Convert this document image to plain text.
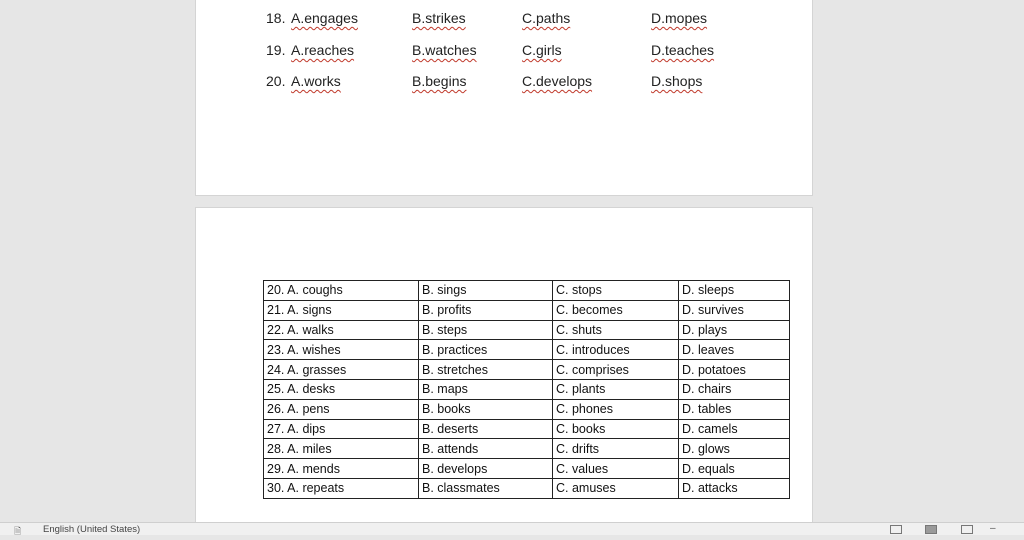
18. A.engages	B.strikes	C.paths	D.mopes
19. A.reaches	B.watches	C.girls	D.teaches
20. A.works	B.begins	C.develops	D.shops
20. A. coughs	B. sings	C. stops	D. sleeps
21. A. signs	B. profits	C. becomes	D. survives
22. A. walks	B. steps	C. shuts	D. plays
23. A. wishes	B. practices	C. introduces	D. leaves
24. A. grasses	B. stretches	C. comprises	D. potatoes
25. A. desks	B. maps	C. plants	D. chairs
26. A. pens	B. books	C. phones	D. tables
27. A. dips	B. deserts	C. books	D. camels
28. A. miles	B. attends	C. drifts	D. glows
29. A. mends	B. develops	C. values	D. equals
30. A. repeats	B. classmates	C. amuses	D. attacks
🗎	English (United States)	–
